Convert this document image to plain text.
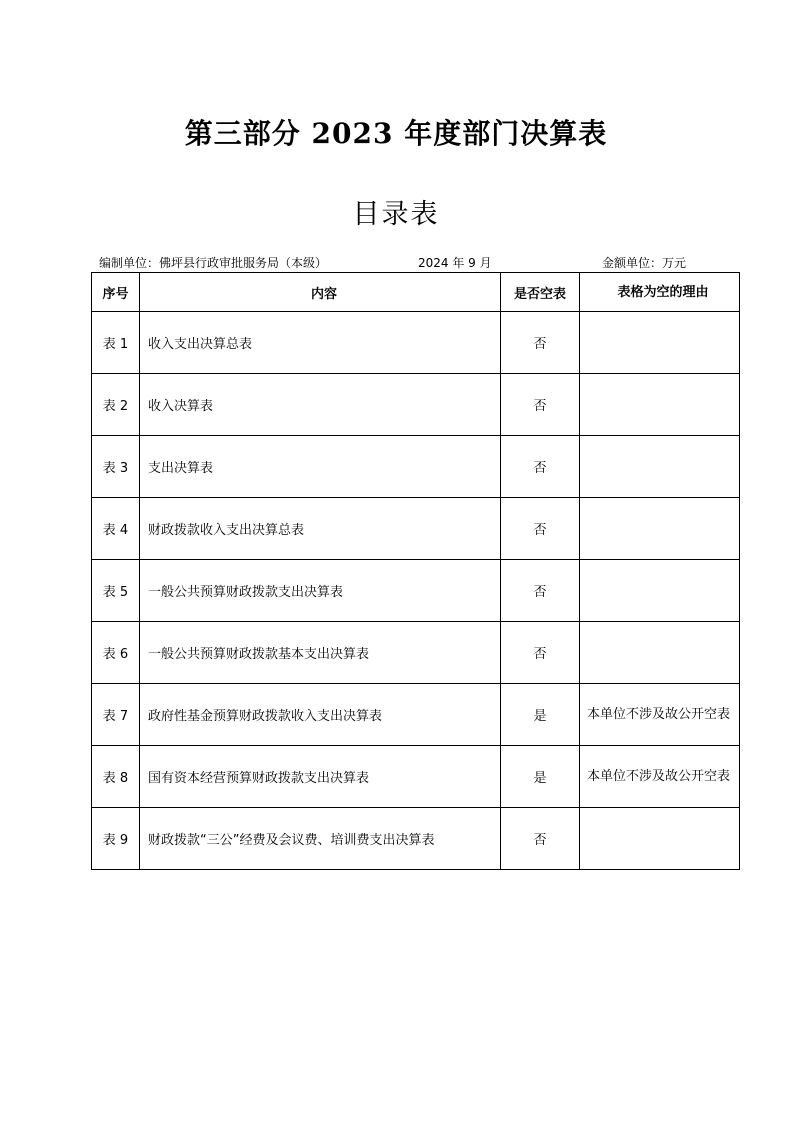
第三部分 2023 年度部门决算表
目录表
编制单位：佛坪县行政审批服务局（本级）	2024 年 9 月	金额单位：万元
序号	内容	是否空表	表格为空的理由
表 1	收入支出决算总表	否	
表 2	收入决算表	否	
表 3	支出决算表	否	
表 4	财政拨款收入支出决算总表	否	
表 5	一般公共预算财政拨款支出决算表	否	
表 6	一般公共预算财政拨款基本支出决算表	否	
表 7	政府性基金预算财政拨款收入支出决算表	是	本单位不涉及故公开空表
表 8	国有资本经营预算财政拨款支出决算表	是	本单位不涉及故公开空表
表 9	财政拨款“三公”经费及会议费、培训费支出决算表	否	
